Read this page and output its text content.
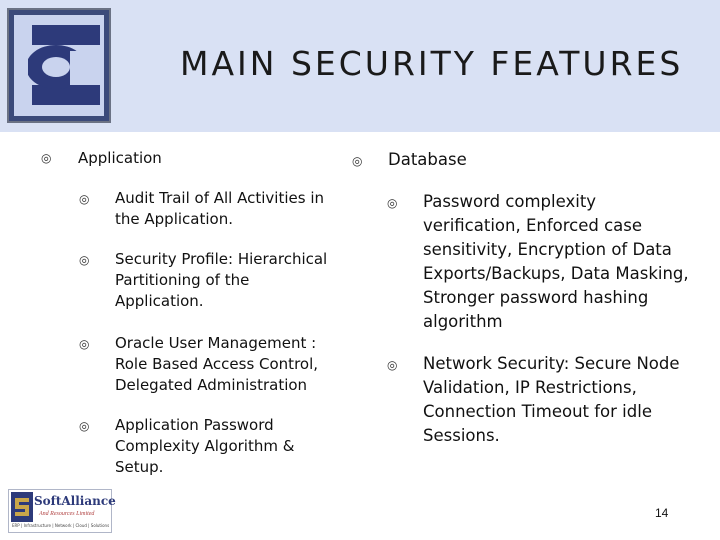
MAIN SECURITY FEATURES
◎ Application
◎ Audit Trail of All Activities in the Application.
◎ Security Profile: Hierarchical Partitioning of the Application.
◎ Oracle User Management : Role Based Access Control, Delegated Administration
◎ Application Password Complexity Algorithm & Setup.
◎ Database
◎ Password complexity verification, Enforced case sensitivity, Encryption of Data Exports/Backups, Data Masking, Stronger password hashing algorithm
◎ Network Security: Secure Node Validation, IP Restrictions, Connection Timeout for idle Sessions.
SoftAlliance
And Resources Limited
ERP | Infrastructure | Network | Cloud | Solutions
14
